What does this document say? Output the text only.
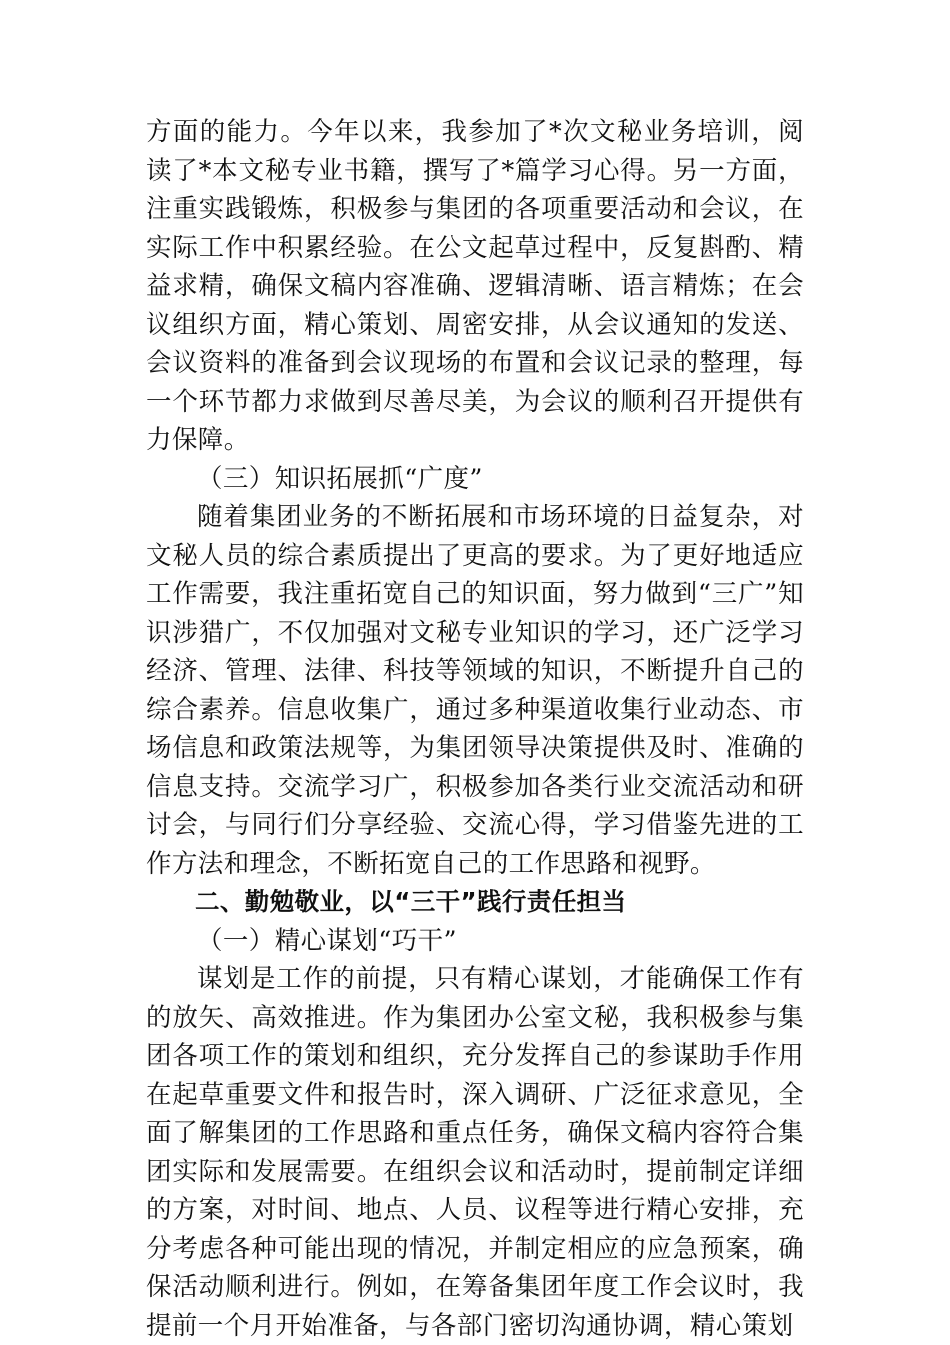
方面的能力。今年以来，我参加了*次文秘业务培训，阅读了*本文秘专业书籍，撰写了*篇学习心得。另一方面，注重实践锻炼，积极参与集团的各项重要活动和会议，在实际工作中积累经验。在公文起草过程中，反复斟酌、精益求精，确保文稿内容准确、逻辑清晰、语言精炼；在会议组织方面，精心策划、周密安排，从会议通知的发送、会议资料的准备到会议现场的布置和会议记录的整理，每一个环节都力求做到尽善尽美，为会议的顺利召开提供有力保障。

（三）知识拓展抓“广度”

随着集团业务的不断拓展和市场环境的日益复杂，对文秘人员的综合素质提出了更高的要求。为了更好地适应工作需要，我注重拓宽自己的知识面，努力做到“三广”知识涉猎广，不仅加强对文秘专业知识的学习，还广泛学习经济、管理、法律、科技等领域的知识，不断提升自己的综合素养。信息收集广，通过多种渠道收集行业动态、市场信息和政策法规等，为集团领导决策提供及时、准确的信息支持。交流学习广，积极参加各类行业交流活动和研讨会，与同行们分享经验、交流心得，学习借鉴先进的工作方法和理念，不断拓宽自己的工作思路和视野。

二、勤勉敬业，以“三干”践行责任担当

（一）精心谋划“巧干”

谋划是工作的前提，只有精心谋划，才能确保工作有的放矢、高效推进。作为集团办公室文秘，我积极参与集团各项工作的策划和组织，充分发挥自己的参谋助手作用在起草重要文件和报告时，深入调研、广泛征求意见，全面了解集团的工作思路和重点任务，确保文稿内容符合集团实际和发展需要。在组织会议和活动时，提前制定详细的方案，对时间、地点、人员、议程等进行精心安排，充分考虑各种可能出现的情况，并制定相应的应急预案，确保活动顺利进行。例如，在筹备集团年度工作会议时，我提前一个月开始准备，与各部门密切沟通协调，精心策划
